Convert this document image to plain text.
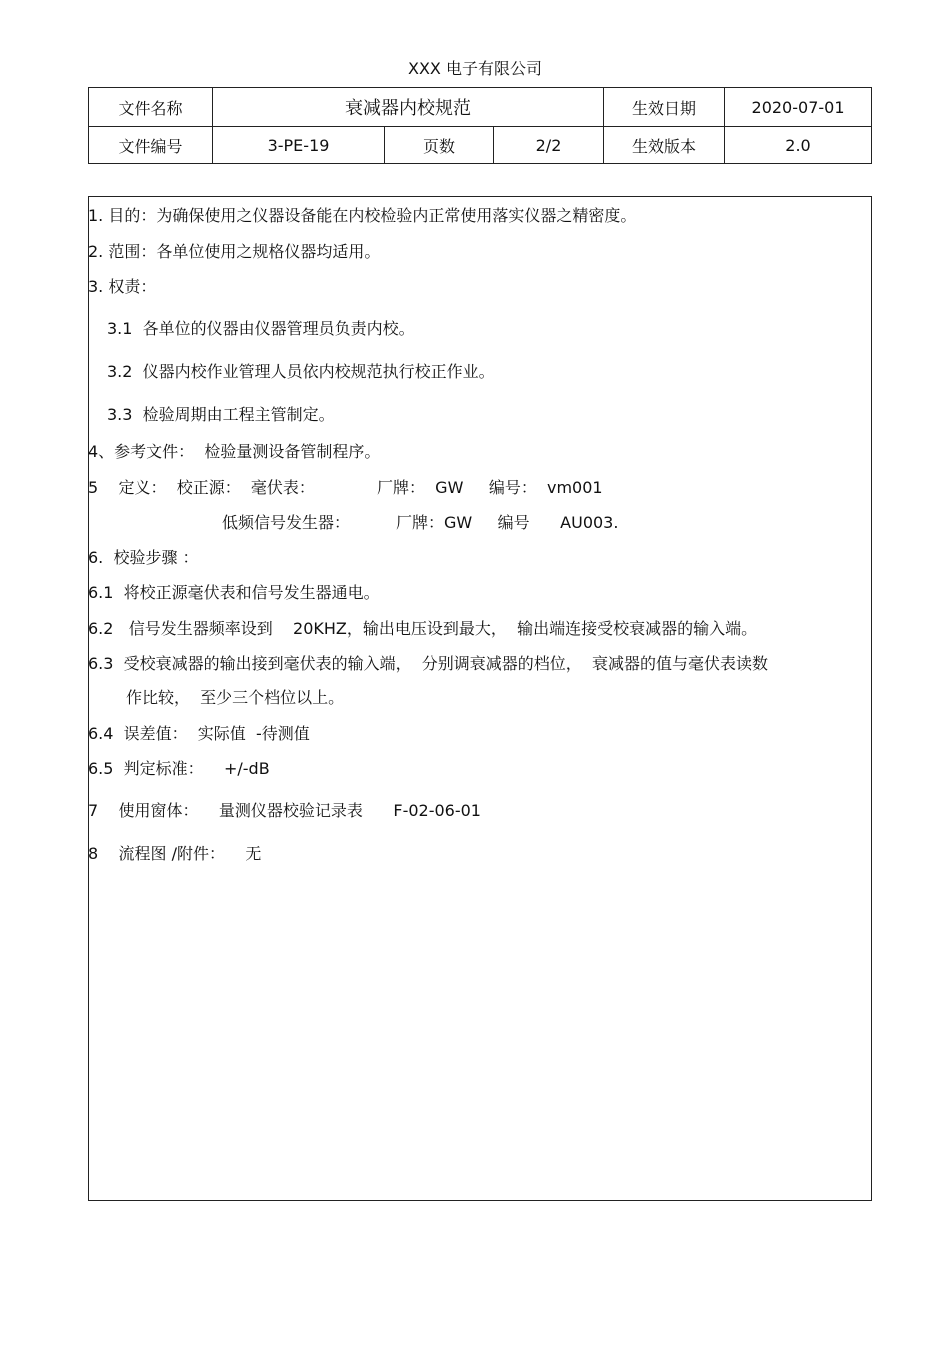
XXX 电子有限公司
文件名称	衰减器内校规范			生效日期	2020-07-01
文件编号	3-PE-19	页数	2/2	生效版本	2.0
1. 目的：为确保使用之仪器设备能在内校检验内正常使用落实仪器之精密度。
2. 范围：各单位使用之规格仪器均适用。
3. 权责：
3.1  各单位的仪器由仪器管理员负责内校。
3.2  仪器内校作业管理人员依内校规范执行校正作业。
3.3  检验周期由工程主管制定。
4、参考文件：  检验量测设备管制程序。
5    定义：  校正源：  毫伏表：	厂牌：  GW     编号：  vm001
低频信号发生器：	厂牌：GW     编号      AU003.
6.  校验步骤 ：
6.1  将校正源毫伏表和信号发生器通电。
6.2   信号发生器频率设到    20KHZ，输出电压设到最大，  输出端连接受校衰减器的输入端。
6.3  受校衰减器的输出接到毫伏表的输入端，  分别调衰减器的档位，  衰减器的值与毫伏表读数
作比较，  至少三个档位以上。
6.4  误差值：  实际值  -待测值
6.5  判定标准：    +/-dB
7    使用窗体：    量测仪器校验记录表      F-02-06-01
8    流程图 /附件：    无
